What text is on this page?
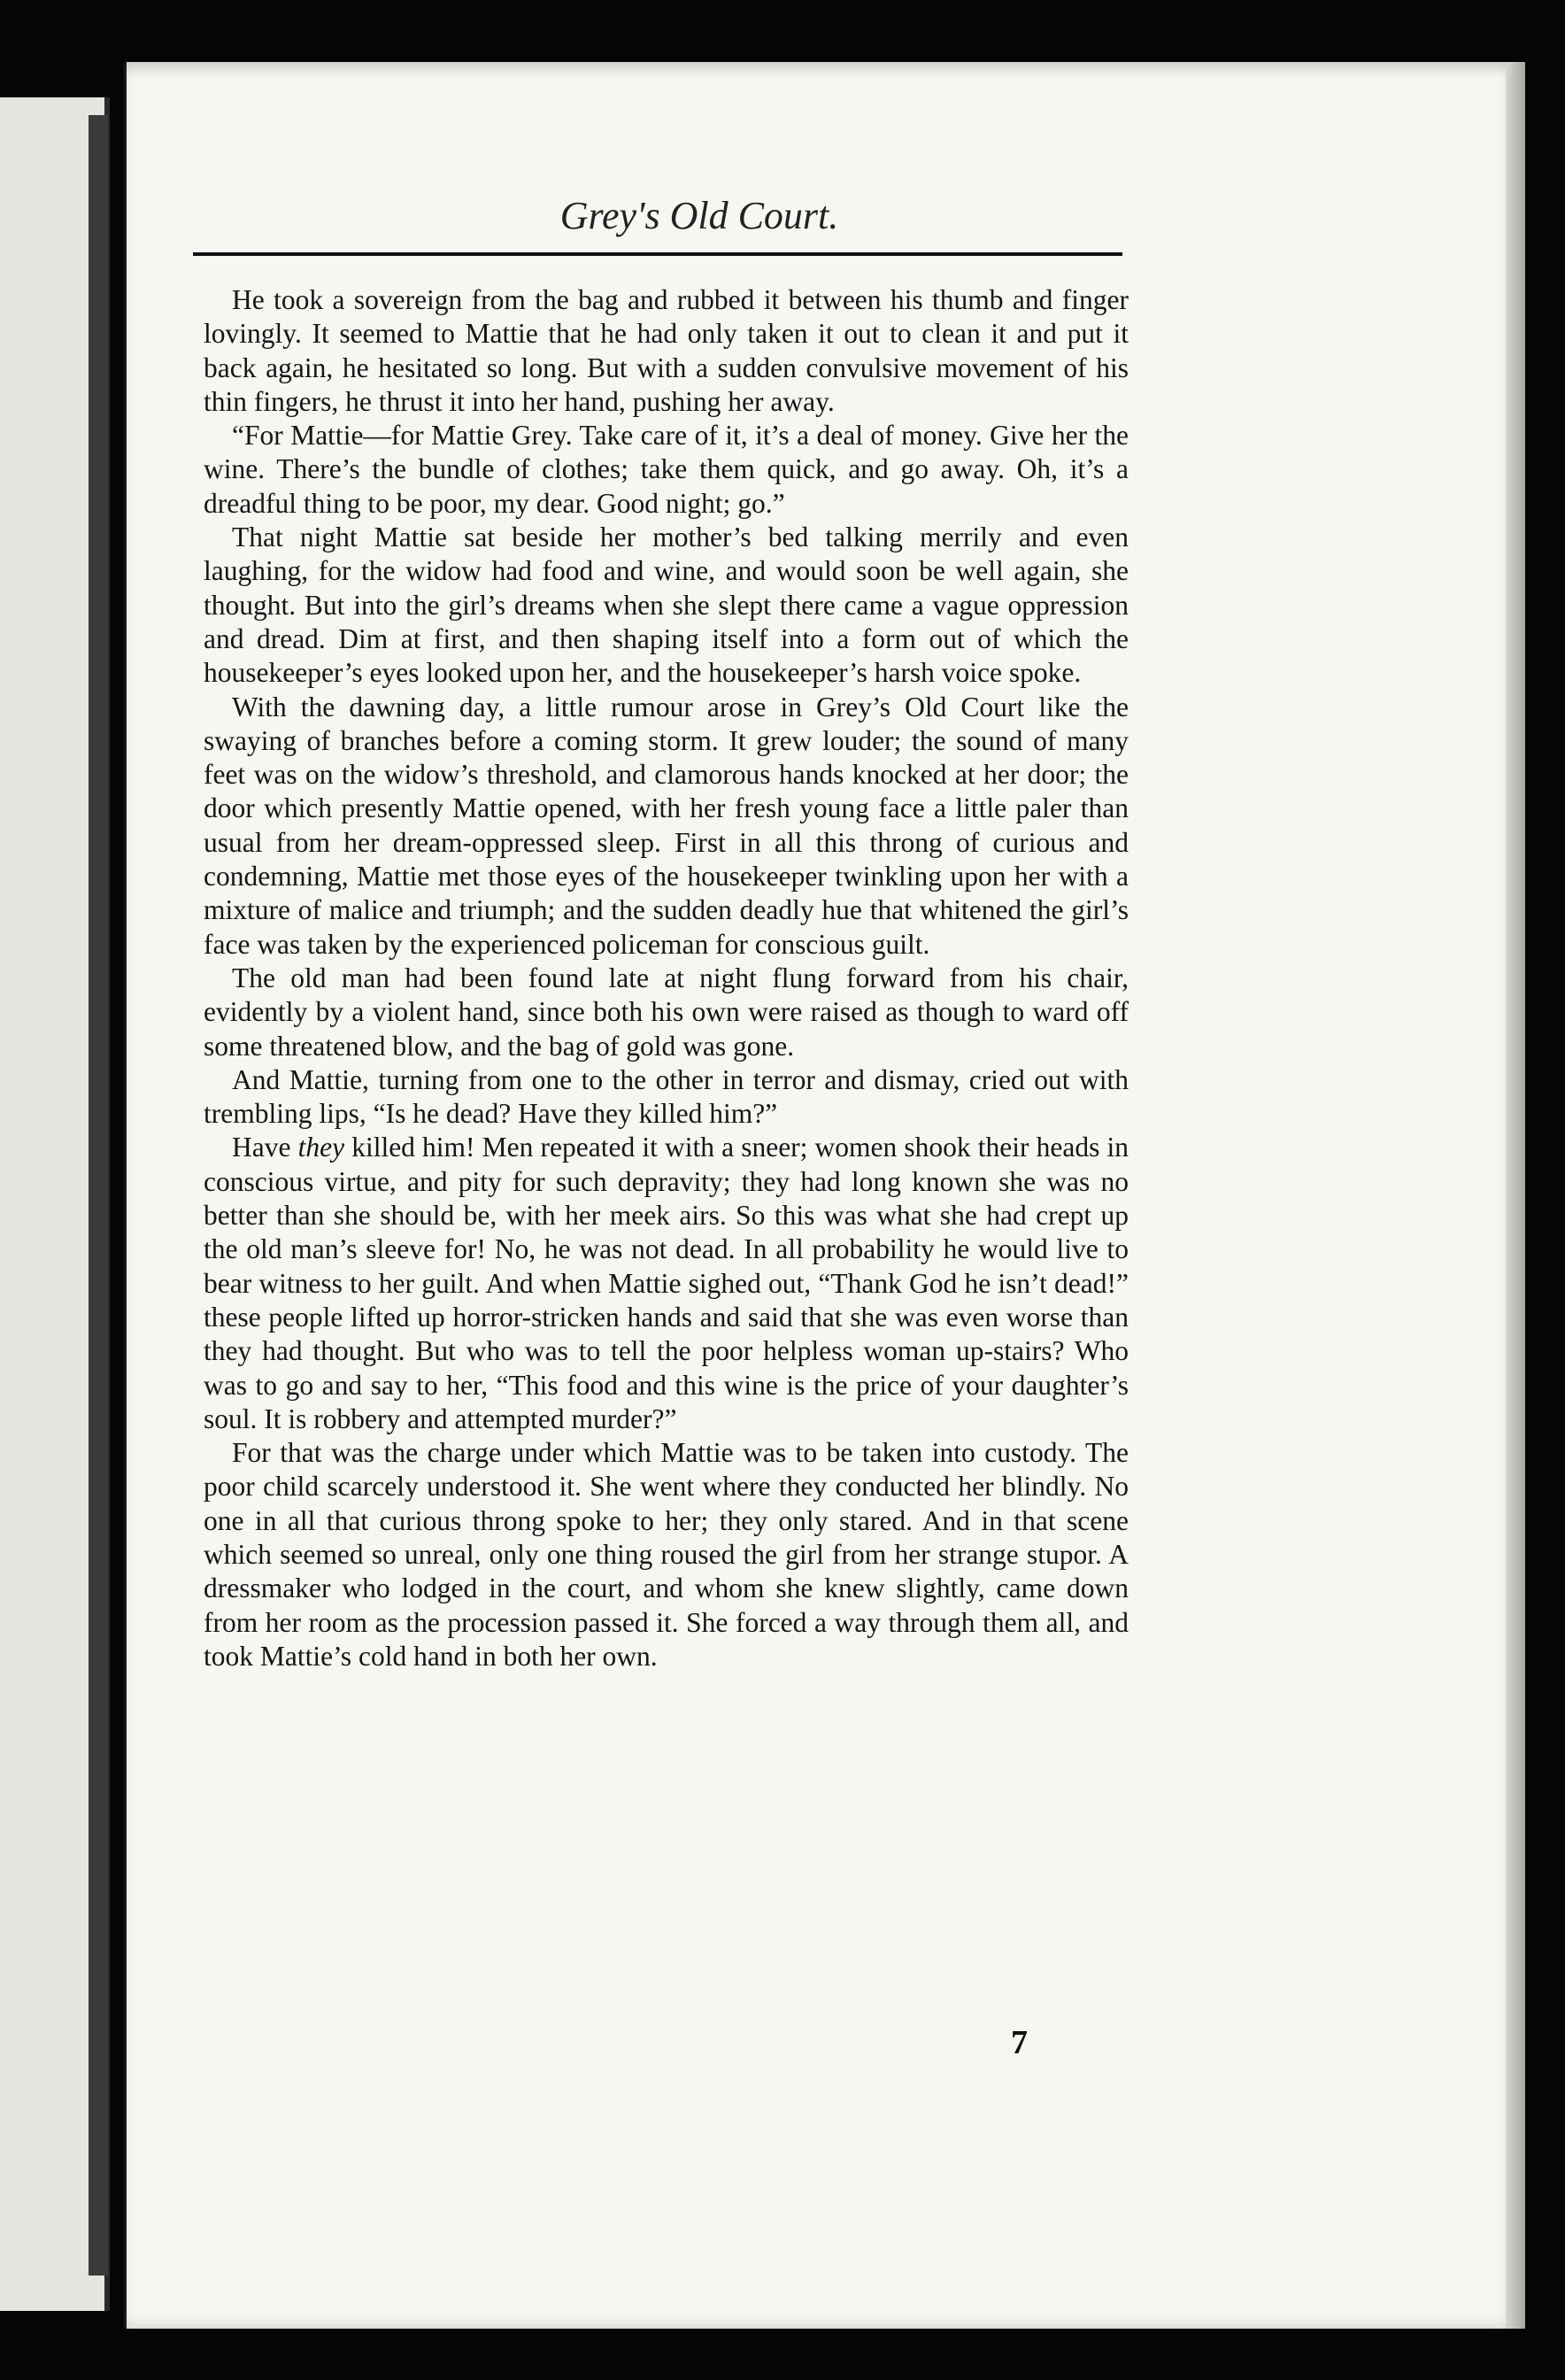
Grey's Old Court.

He took a sovereign from the bag and rubbed it between his thumb and finger lovingly. It seemed to Mattie that he had only taken it out to clean it and put it back again, he hesitated so long. But with a sudden convulsive movement of his thin fingers, he thrust it into her hand, pushing her away.

“For Mattie—for Mattie Grey. Take care of it, it’s a deal of money. Give her the wine. There’s the bundle of clothes; take them quick, and go away. Oh, it’s a dreadful thing to be poor, my dear. Good night; go.”

That night Mattie sat beside her mother’s bed talking merrily and even laughing, for the widow had food and wine, and would soon be well again, she thought. But into the girl’s dreams when she slept there came a vague oppression and dread. Dim at first, and then shaping itself into a form out of which the housekeeper’s eyes looked upon her, and the housekeeper’s harsh voice spoke.

With the dawning day, a little rumour arose in Grey’s Old Court like the swaying of branches before a coming storm. It grew louder; the sound of many feet was on the widow’s threshold, and clamorous hands knocked at her door; the door which presently Mattie opened, with her fresh young face a little paler than usual from her dream-oppressed sleep. First in all this throng of curious and condemning, Mattie met those eyes of the housekeeper twinkling upon her with a mixture of malice and triumph; and the sudden deadly hue that whitened the girl’s face was taken by the experienced policeman for conscious guilt.

The old man had been found late at night flung forward from his chair, evidently by a violent hand, since both his own were raised as though to ward off some threatened blow, and the bag of gold was gone.

And Mattie, turning from one to the other in terror and dismay, cried out with trembling lips, “Is he dead? Have they killed him?”

Have they killed him! Men repeated it with a sneer; women shook their heads in conscious virtue, and pity for such depravity; they had long known she was no better than she should be, with her meek airs. So this was what she had crept up the old man’s sleeve for! No, he was not dead. In all probability he would live to bear witness to her guilt. And when Mattie sighed out, “Thank God he isn’t dead!” these people lifted up horror-stricken hands and said that she was even worse than they had thought. But who was to tell the poor helpless woman up-stairs? Who was to go and say to her, “This food and this wine is the price of your daughter’s soul. It is robbery and attempted murder?”

For that was the charge under which Mattie was to be taken into custody. The poor child scarcely understood it. She went where they conducted her blindly. No one in all that curious throng spoke to her; they only stared. And in that scene which seemed so unreal, only one thing roused the girl from her strange stupor. A dressmaker who lodged in the court, and whom she knew slightly, came down from her room as the procession passed it. She forced a way through them all, and took Mattie’s cold hand in both her own.

7
